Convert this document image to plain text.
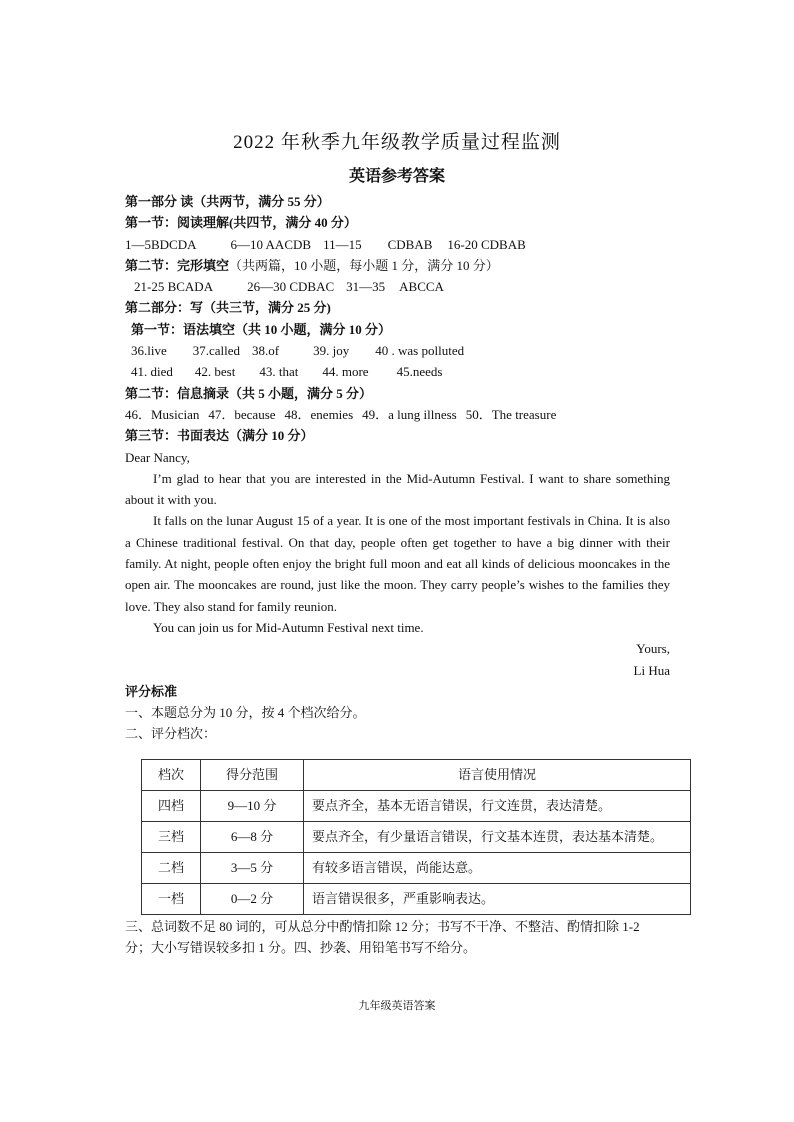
2022 年秋季九年级教学质量过程监测
英语参考答案
第一部分 读（共两节，满分 55 分）
第一节：阅读理解(共四节，满分 40 分）
1—5BDCDA	6—10 AACDB 11—15 CDBAB 16-20 CDBAB
第二节：完形填空（共两篇，10 小题，每小题 1 分，满分 10 分）
21-25 BCADA	26—30 CDBAC 31—35 ABCCA
第二部分：写（共三节，满分 25 分)
第一节：语法填空（共 10 小题，满分 10 分）
36.live 37.called 38.of	39. joy 40 . was polluted
41. died 42. best 43. that 44. more 45.needs
第二节：信息摘录（共 5 小题，满分 5 分）
46．Musician 47．because 48．enemies 49．a lung illness 50．The treasure
第三节：书面表达（满分 10 分）
Dear Nancy,
I’m glad to hear that you are interested in the Mid-Autumn Festival. I want to share something about it with you.
It falls on the lunar August 15 of a year. It is one of the most important festivals in China. It is also a Chinese traditional festival. On that day, people often get together to have a big dinner with their family. At night, people often enjoy the bright full moon and eat all kinds of delicious mooncakes in the open air. The mooncakes are round, just like the moon. They carry people’s wishes to the families they love. They also stand for family reunion.
You can join us for Mid-Autumn Festival next time.
Yours,
Li Hua
评分标准
一、本题总分为 10 分，按 4 个档次给分。
二、评分档次：
档次	得分范围	语言使用情况
四档	9—10 分	要点齐全，基本无语言错误，行文连贯，表达清楚。
三档	6—8 分	要点齐全，有少量语言错误，行文基本连贯，表达基本清楚。
二档	3—5 分	有较多语言错误，尚能达意。
一档	0—2 分	语言错误很多，严重影响表达。
三、总词数不足 80 词的，可从总分中酌情扣除 12 分；书写不干净、不整洁、酌情扣除 1-2
分；大小写错误较多扣 1 分。四、抄袭、用铅笔书写不给分。
九年级英语答案
